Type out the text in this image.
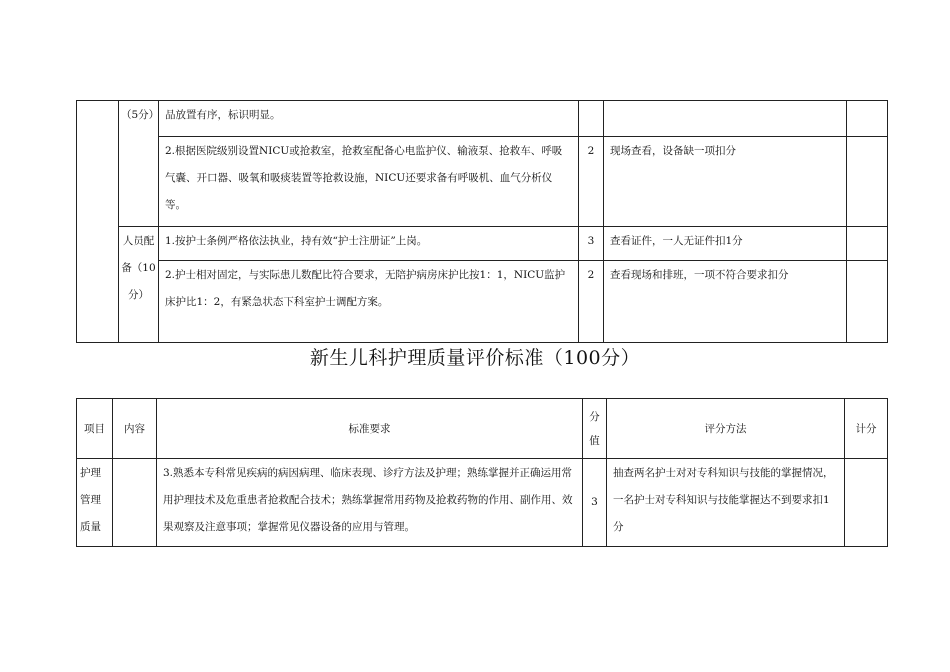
	（5分）	品放置有序，标识明显。			
		2.根据医院级别设置NICU或抢救室，抢救室配备心电监护仪、输液泵、抢救车、呼吸气囊、开口器、吸氧和吸痰装置等抢救设施，NICU还要求备有呼吸机、血气分析仪等。	2	现场查看，设备缺一项扣分	
	人员配备（10分）	1.按护士条例严格依法执业，持有效“护士注册证”上岗。	3	查看证件，一人无证件扣1分	
		2.护士相对固定，与实际患儿数配比符合要求，无陪护病房床护比按1：1，NICU监护床护比1：2，有紧急状态下科室护士调配方案。	2	查看现场和排班，一项不符合要求扣分	
新生儿科护理质量评价标准（100分）
项目	内容	标准要求	分值	评分方法	计分
护理管理质量		3.熟悉本专科常见疾病的病因病理、临床表现、诊疗方法及护理；熟练掌握并正确运用常用护理技术及危重患者抢救配合技术；熟练掌握常用药物及抢救药物的作用、副作用、效果观察及注意事项；掌握常见仪器设备的应用与管理。	3	抽查两名护士对对专科知识与技能的掌握情况，一名护士对专科知识与技能掌握达不到要求扣1分	
